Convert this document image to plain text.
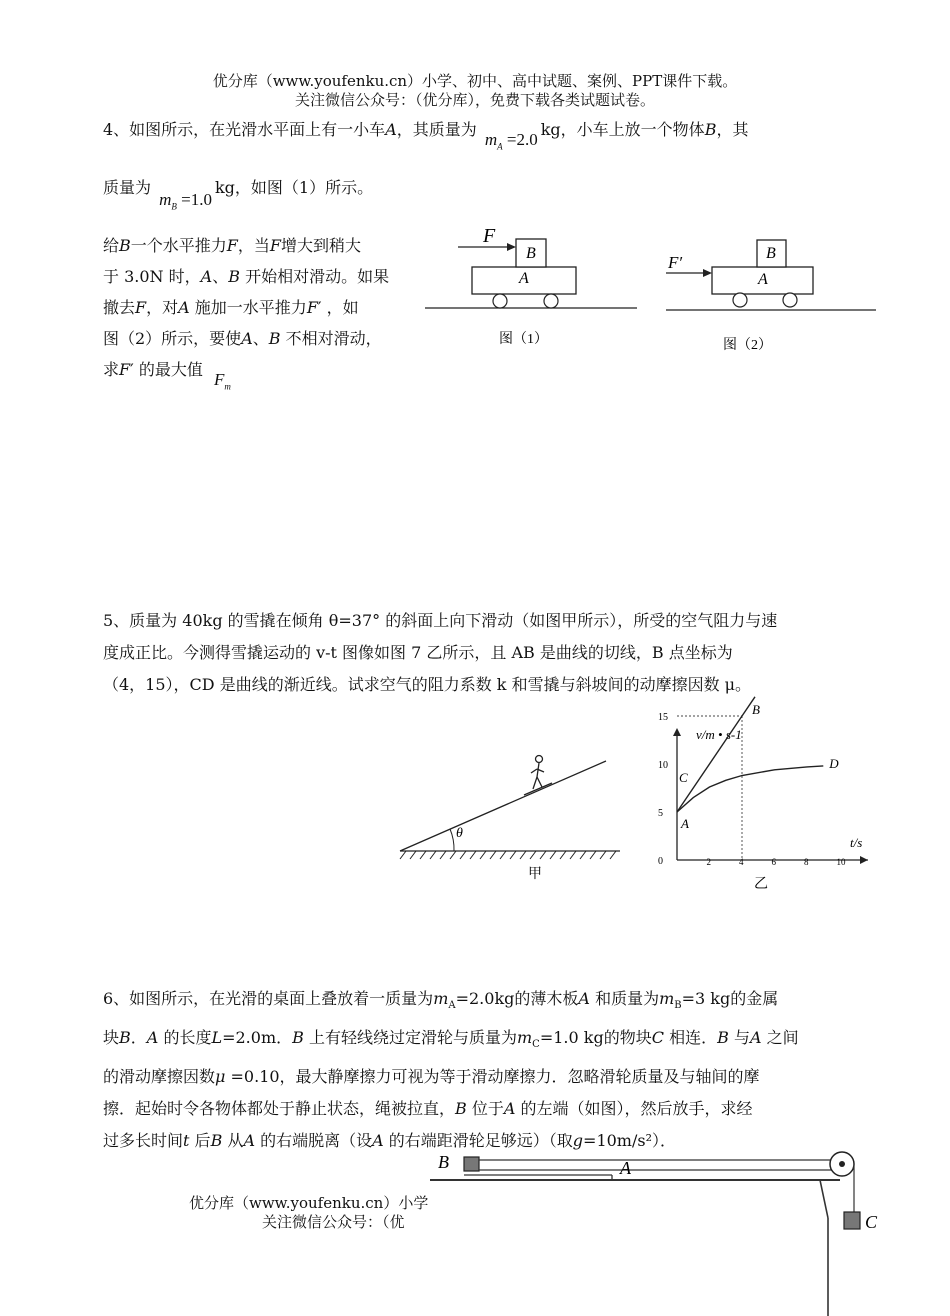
优分库（www.youfenku.cn）小学、初中、高中试题、案例、PPT课件下载。
关注微信公众号：（优分库），免费下载各类试题试卷。
4、如图所示，在光滑水平面上有一小车A，其质量为 $m_A =2.0kg$，小车上放一个物体B，其
质量为 $m_B =1.0kg$，如图（1）所示。
给B一个水平推力F，当F增大到稍大
于 3.0N 时，A、B 开始相对滑动。如果
撤去F，对A 施加一水平推力F′ ，如
图（2）所示，要使A、B 不相对滑动，
求F′ 的最大值 $F_m$
F
B
A
图（1）
F′	B
A
图（2）
5、质量为 40kg 的雪撬在倾角 θ=37° 的斜面上向下滑动（如图甲所示），所受的空气阻力与速
度成正比。今测得雪撬运动的 v-t 图像如图 7 乙所示，且 AB 是曲线的切线，B 点坐标为
（4，15），CD 是曲线的渐近线。试求空气的阻力系数 k 和雪撬与斜坡间的动摩擦因数 μ。
θ
甲
v/m • s-1
t/s
2	4	6	8	10
0
5
10
15
A
B
C
D
乙
6、如图所示，在光滑的桌面上叠放着一质量为$m_A=2.0kg$的薄木板A 和质量为$m_B=3$ kg的金属
块B．A 的长度L=2.0m．B 上有轻线绕过定滑轮与质量为$m_C=1.0$ kg的物块C 相连．B 与A 之间
的滑动摩擦因数μ =0.10，最大静摩擦力可视为等于滑动摩擦力．忽略滑轮质量及与轴间的摩
擦．起始时令各物体都处于静止状态，绳被拉直，B 位于A 的左端（如图），然后放手，求经
过多长时间t 后B 从A 的右端脱离（设A 的右端距滑轮足够远）（取g=10m/s²）．
B	A
C
优分库（www.youfenku.cn）小学
关注微信公众号：（优
